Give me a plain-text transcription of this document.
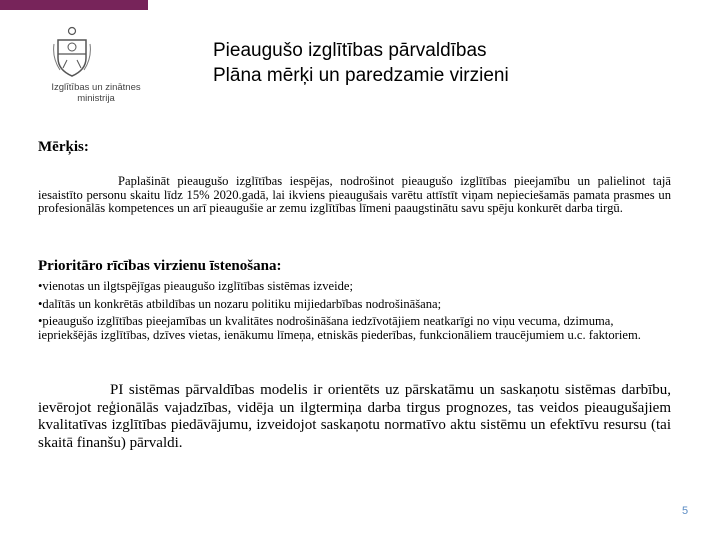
Izglītības un zinātnes
ministrija
Pieaugušo izglītības pārvaldības
Plāna mērķi un paredzamie virzieni
Mērķis:
Paplašināt pieaugušo izglītības iespējas, nodrošinot pieaugušo izglītības pieejamību un palielinot tajā iesaistīto personu skaitu līdz 15% 2020.gadā, lai ikviens pieaugušais varētu attīstīt viņam nepieciešamās pamata prasmes un profesionālās kompetences un arī pieaugušie ar zemu izglītības līmeni paaugstinātu savu spēju konkurēt darba tirgū.
Prioritāro rīcības virzienu īstenošana:
• vienotas un ilgtspējīgas pieaugušo izglītības sistēmas izveide;
• dalītās un konkrētās atbildības un nozaru politiku mijiedarbības nodrošināšana;
• pieaugušo izglītības pieejamības un kvalitātes nodrošināšana iedzīvotājiem neatkarīgi no viņu vecuma, dzimuma, iepriekšējās izglītības, dzīves vietas, ienākumu līmeņa, etniskās piederības, funkcionāliem traucējumiem u.c. faktoriem.
PI sistēmas pārvaldības modelis ir orientēts uz pārskatāmu un saskaņotu sistēmas darbību, ievērojot reģionālās vajadzības, vidēja un ilgtermiņa darba tirgus prognozes, tas veidos pieaugušajiem kvalitatīvas izglītības piedāvājumu, izveidojot saskaņotu normatīvo aktu sistēmu un efektīvu resursu (tai skaitā finanšu) pārvaldi.
5
